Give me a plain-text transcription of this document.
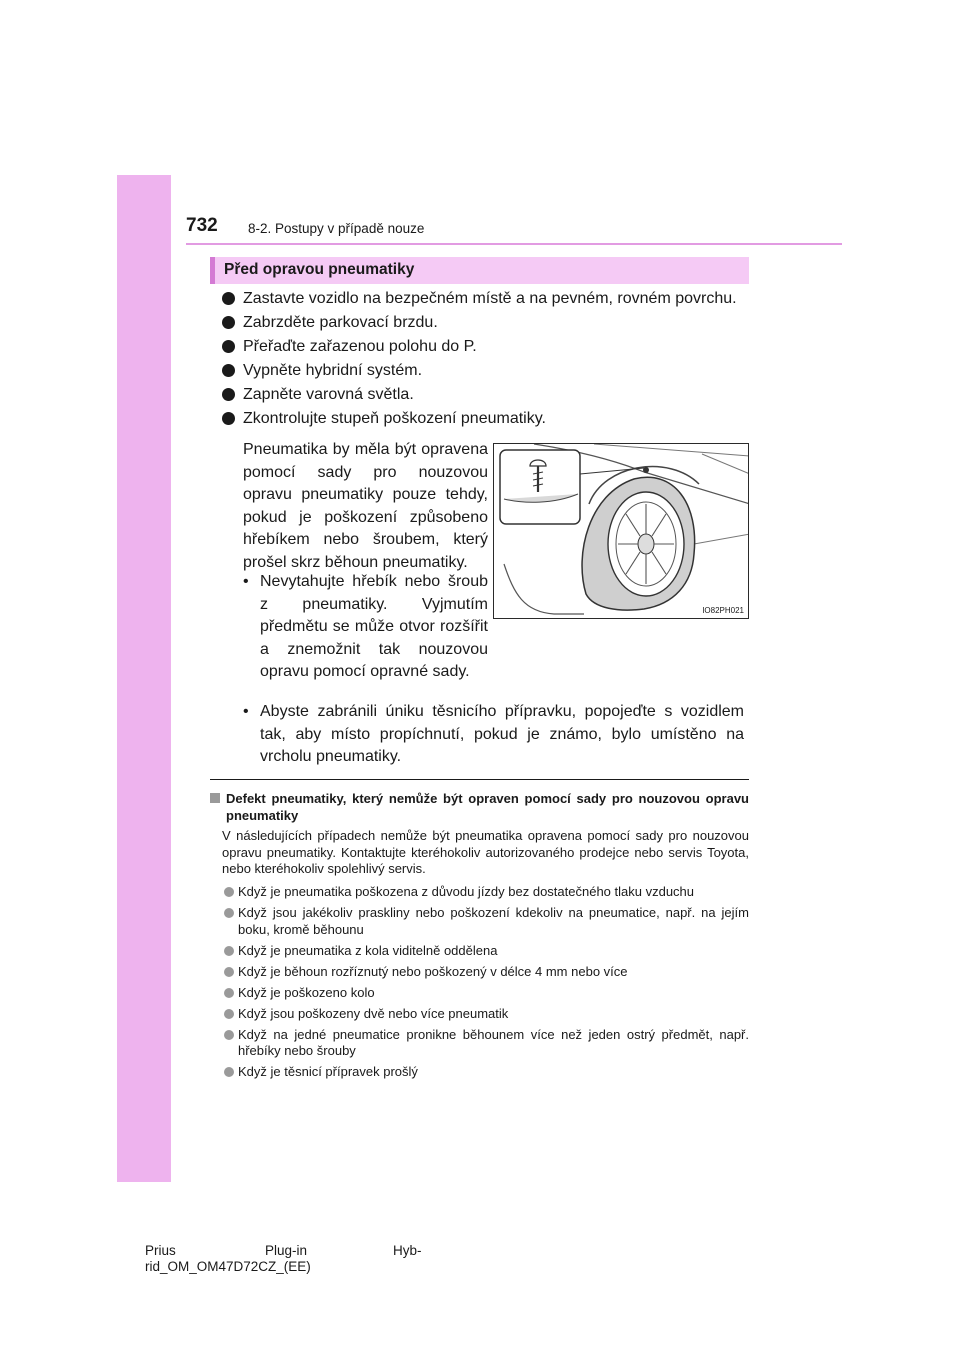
732 8-2. Postupy v případě nouze
Před opravou pneumatiky
Zastavte vozidlo na bezpečném místě a na pevném, rovném povrchu.
Zabrzděte parkovací brzdu.
Přeřaďte zařazenou polohu do P.
Vypněte hybridní systém.
Zapněte varovná světla.
Zkontrolujte stupeň poškození pneumatiky.
Pneumatika by měla být opravena pomocí sady pro nouzovou opravu pneumatiky pouze tehdy, pokud je poškození způsobeno hřebíkem nebo šroubem, který prošel skrz běhoun pneumatiky.
• Nevytahujte hřebík nebo šroub z pneumatiky. Vyjmutím předmětu se může otvor rozšířit a znemožnit tak nouzovou opravu pomocí opravné sady.
• Abyste zabránili úniku těsnicího přípravku, popojeďte s vozidlem tak, aby místo propíchnutí, pokud je známo, bylo umístěno na vrcholu pneumatiky.
IO82PH021
Defekt pneumatiky, který nemůže být opraven pomocí sady pro nouzovou opravu pneumatiky
V následujících případech nemůže být pneumatika opravena pomocí sady pro nouzovou opravu pneumatiky. Kontaktujte kteréhokoliv autorizovaného prodejce nebo servis Toyota, nebo kteréhokoliv spolehlivý servis.
Když je pneumatika poškozena z důvodu jízdy bez dostatečného tlaku vzduchu
Když jsou jakékoliv praskliny nebo poškození kdekoliv na pneumatice, např. na jejím boku, kromě běhounu
Když je pneumatika z kola viditelně oddělena
Když je běhoun rozříznutý nebo poškozený v délce 4 mm nebo více
Když je poškozeno kolo
Když jsou poškozeny dvě nebo více pneumatik
Když na jedné pneumatice pronikne běhounem více než jeden ostrý předmět, např. hřebíky nebo šrouby
Když je těsnicí přípravek prošlý
Prius	Plug-in	Hyb-
rid_OM_OM47D72CZ_(EE)
